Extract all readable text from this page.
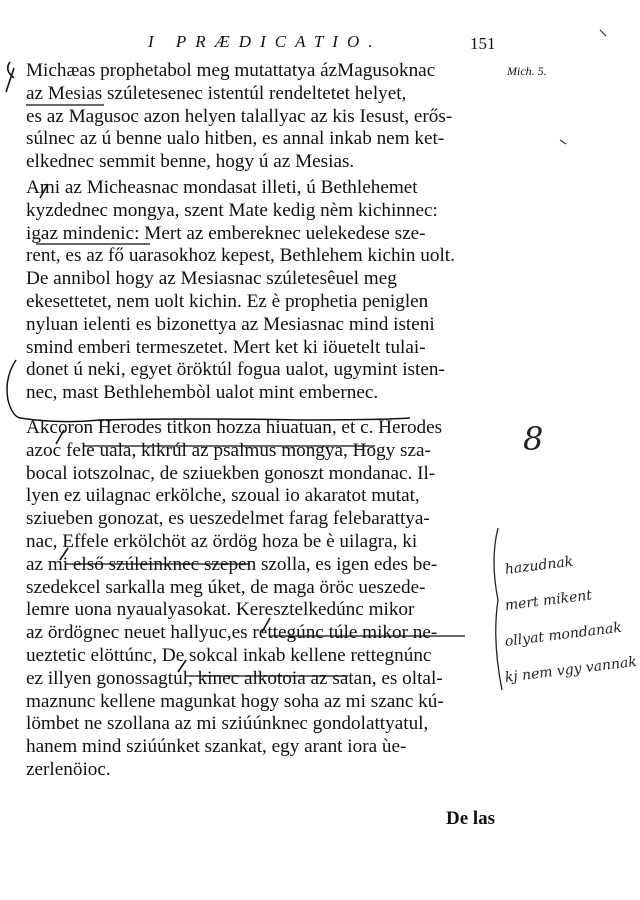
I PRÆDICATIO.	151
Mich. 5.
Michæas prophetabol meg mutattatya ázMagusoknac
az Mesias szúletesenec istentúl rendeltetet helyet,
es az Magusoc azon helyen talallyac az kis Iesust, erős-
súlnec az ú benne ualo hitben, es annal inkab nem ket-
elkednec semmit benne, hogy ú az Mesias.
Ami az Micheasnac mondasat illeti, ú Bethlehemet
kyzdednec mongya, szent Mate kedig nèm kichinnec:
igaz mindenic: Mert az embereknec uelekedese sze-
rent, es az fő uarasokhoz kepest, Bethlehem kichin uolt.
De annibol hogy az Mesiasnac szúletesêuel meg
ekesettetet, nem uolt kichin. Ez è prophetia peniglen
nyluan ielenti es bizonettya az Mesiasnac mind isteni
smind emberi termeszetet. Mert ket ki iöuetelt tulai-
donet ú neki, egyet öröktúl fogua ualot, ugymint isten-
nec, mast Bethlehembòl ualot mint embernec.
Akcoron Herodes titkon hozza hiuatuan, et c. Herodes
azoc fele uala, kikrúl az psalmus mongya, Hogy sza-
bocal iotszolnac, de sziuekben gonoszt mondanac. Il-
lyen ez uilagnac erkölche, szoual io akaratot mutat,
sziueben gonozat, es ueszedelmet farag felebarattya-
nac, Effele erkölchöt az ördög hoza be è uilagra, ki
az mi első szúleinknec szepen szolla, es igen edes be-
szedekcel sarkalla meg úket, de maga öröc ueszede-
lemre uona nyaualyasokat. Keresztelkedúnc mikor
az ördögnec neuet hallyuc,es rettegúnc túle mikor ne-
ueztetic elöttúnc, De sokcal inkab kellene rettegnúnc
ez illyen gonossagtul, kinec alkotoia az satan, es oltal-
maznunc kellene magunkat hogy soha az mi szanc kú-
lömbet ne szollana az mi sziúúnknec gondolattyatul,
hanem mind sziúúnket szankat, egy arant iora ùe-
zerlenöioc.
De las
8
hazudnak
mert mikent
ollyat mondanak
kj nem vgy vannak
